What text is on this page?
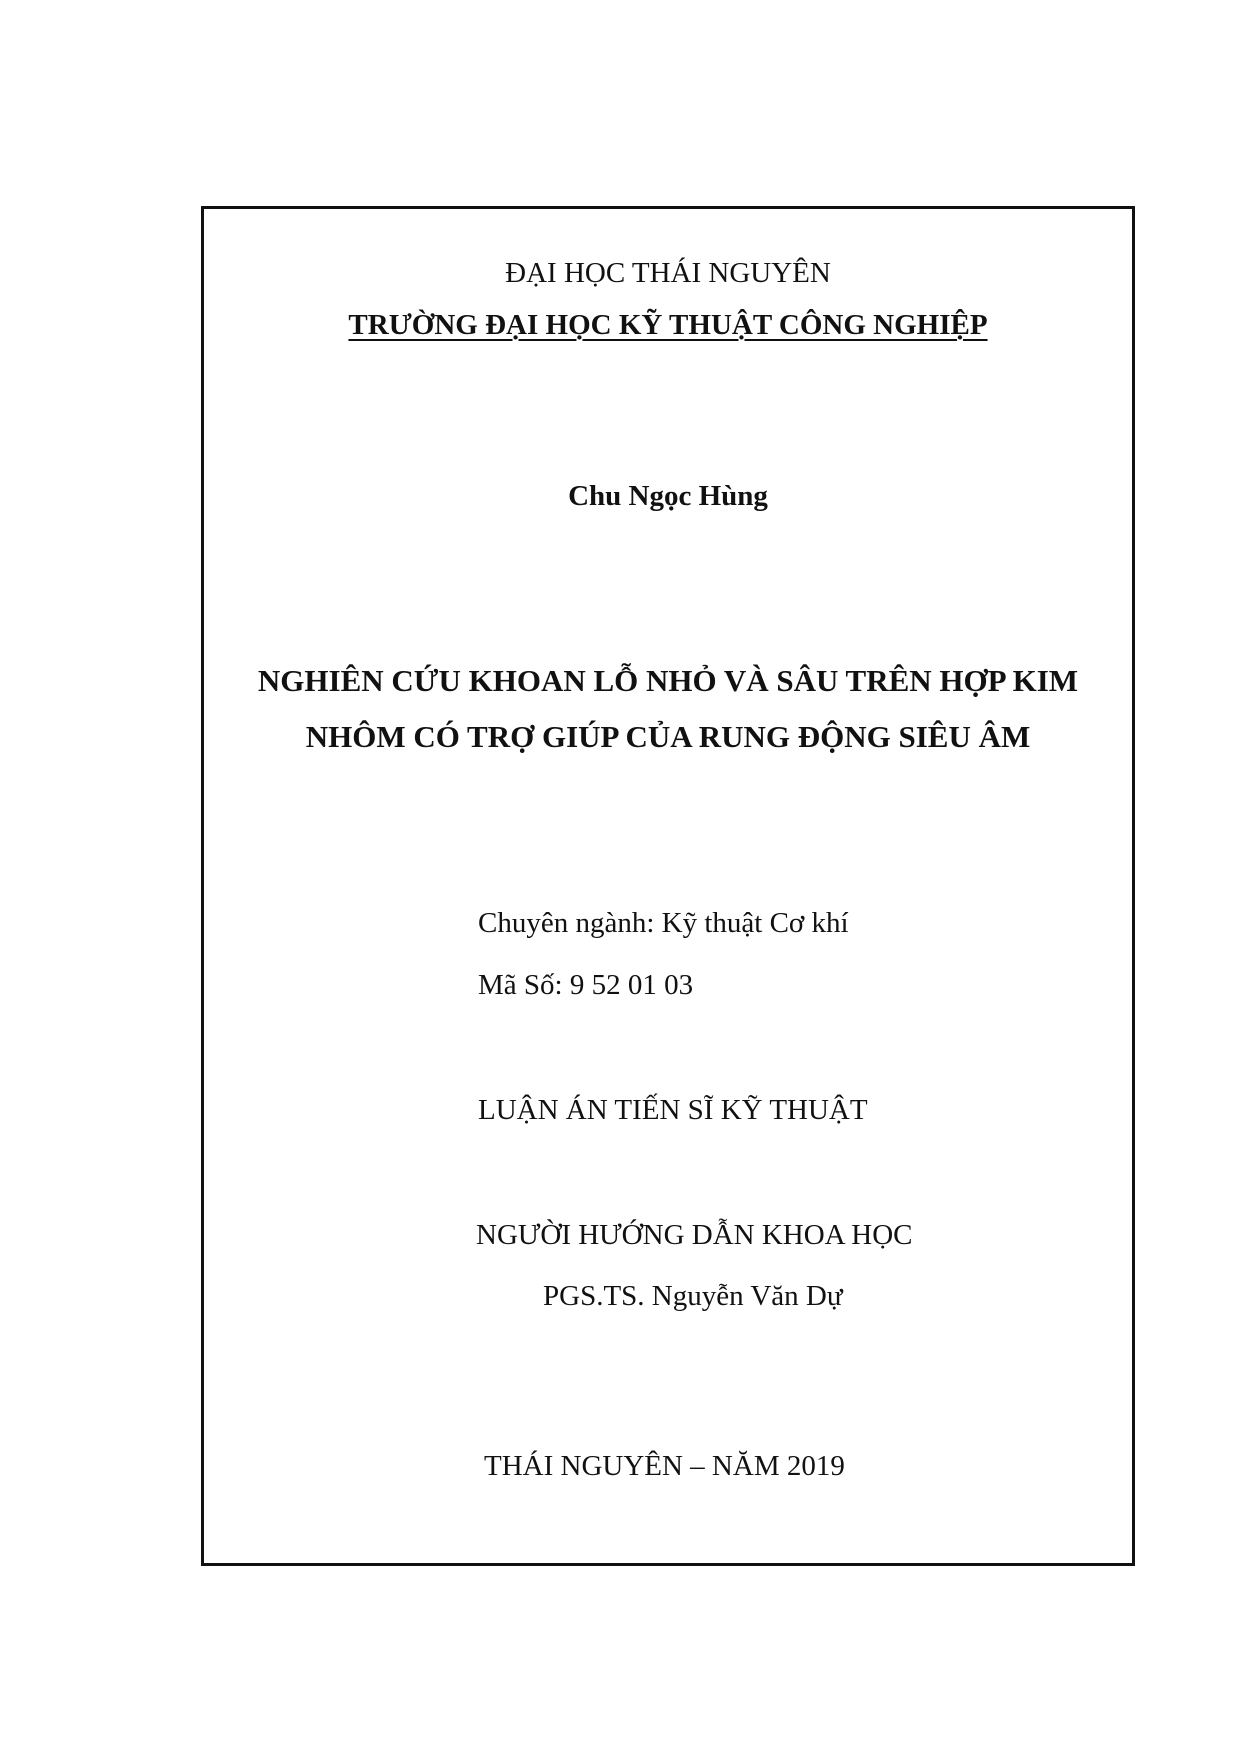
ĐẠI HỌC THÁI NGUYÊN
TRƯỜNG ĐẠI HỌC KỸ THUẬT CÔNG NGHIỆP
Chu Ngọc Hùng
NGHIÊN CỨU KHOAN LỖ NHỎ VÀ SÂU TRÊN HỢP KIM
NHÔM CÓ TRỢ GIÚP CỦA RUNG ĐỘNG SIÊU ÂM
Chuyên ngành: Kỹ thuật Cơ khí
Mã Số: 9 52 01 03
LUẬN ÁN TIẾN SĨ KỸ THUẬT
NGƯỜI HƯỚNG DẪN KHOA HỌC
PGS.TS. Nguyễn Văn Dự
THÁI NGUYÊN – NĂM 2019
